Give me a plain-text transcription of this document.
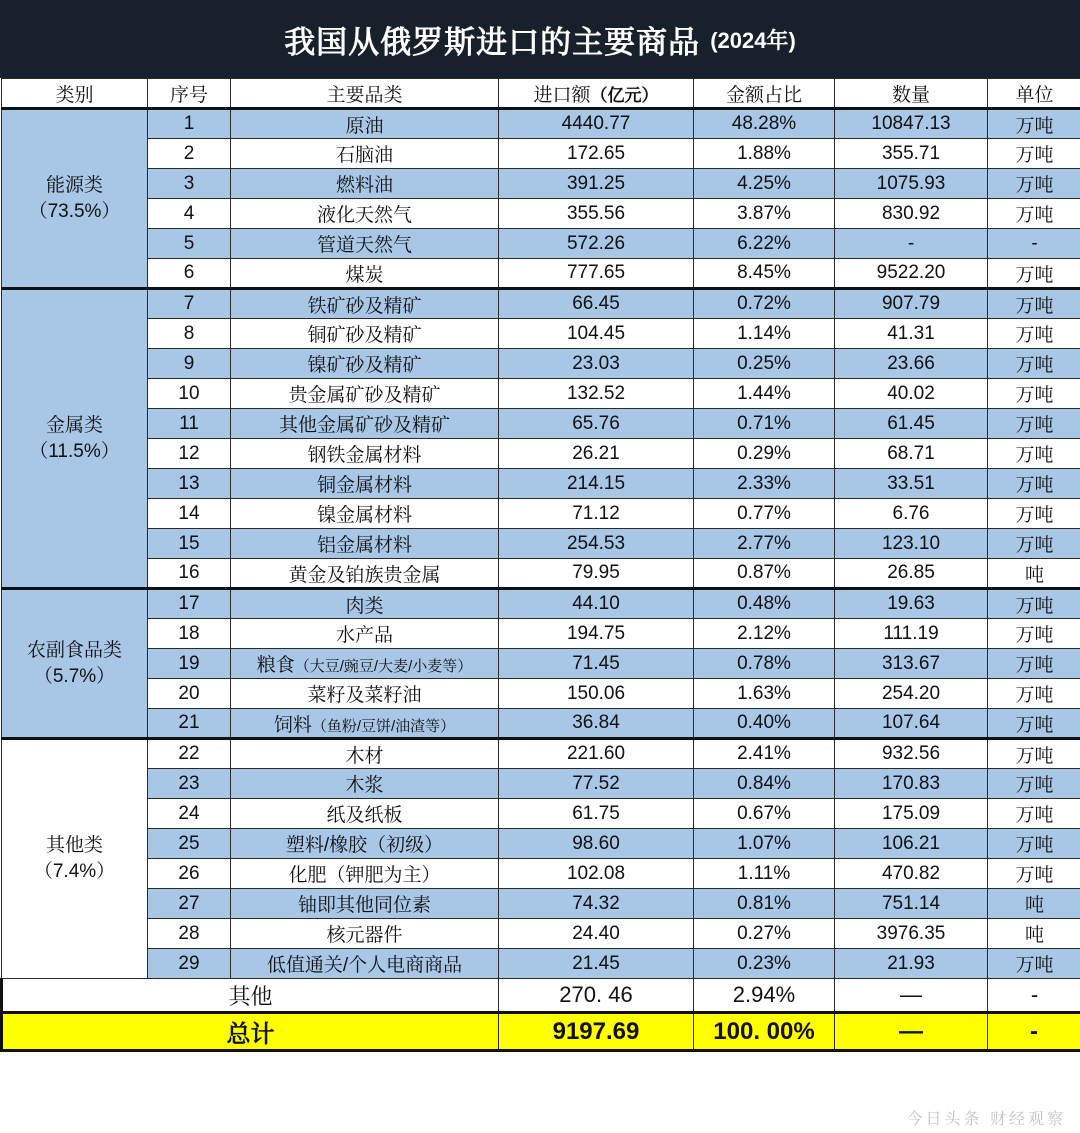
我国从俄罗斯进口的主要商品 (2024年)
类别	序号	主要品类	进口额（亿元）	金额占比	数量	单位

能源类
（73.5%）	1	原油	4440.77	48.28%	10847.13	万吨
	2	石脑油	172.65	1.88%	355.71	万吨
	3	燃料油	391.25	4.25%	1075.93	万吨
	4	液化天然气	355.56	3.87%	830.92	万吨
	5	管道天然气	572.26	6.22%	-	-
	6	煤炭	777.65	8.45%	9522.20	万吨

金属类
（11.5%）	7	铁矿砂及精矿	66.45	0.72%	907.79	万吨
	8	铜矿砂及精矿	104.45	1.14%	41.31	万吨
	9	镍矿砂及精矿	23.03	0.25%	23.66	万吨
	10	贵金属矿砂及精矿	132.52	1.44%	40.02	万吨
	11	其他金属矿砂及精矿	65.76	0.71%	61.45	万吨
	12	钢铁金属材料	26.21	0.29%	68.71	万吨
	13	铜金属材料	214.15	2.33%	33.51	万吨
	14	镍金属材料	71.12	0.77%	6.76	万吨
	15	铝金属材料	254.53	2.77%	123.10	万吨
	16	黄金及铂族贵金属	79.95	0.87%	26.85	吨

农副食品类
（5.7%）	17	肉类	44.10	0.48%	19.63	万吨
	18	水产品	194.75	2.12%	111.19	万吨
	19	粮食（大豆/豌豆/大麦/小麦等）	71.45	0.78%	313.67	万吨
	20	菜籽及菜籽油	150.06	1.63%	254.20	万吨
	21	饲料（鱼粉/豆饼/油渣等）	36.84	0.40%	107.64	万吨

其他类
（7.4%）	22	木材	221.60	2.41%	932.56	万吨
	23	木浆	77.52	0.84%	170.83	万吨
	24	纸及纸板	61.75	0.67%	175.09	万吨
	25	塑料/橡胶（初级）	98.60	1.07%	106.21	万吨
	26	化肥（钾肥为主）	102.08	1.11%	470.82	万吨
	27	铀即其他同位素	74.32	0.81%	751.14	吨
	28	核元器件	24.40	0.27%	3976.35	吨
	29	低值通关/个人电商商品	21.45	0.23%	21.93	万吨
其他			270. 46	2.94%	—	-
总计			9197.69	100. 00%	—	-
今日头条 财经观察
